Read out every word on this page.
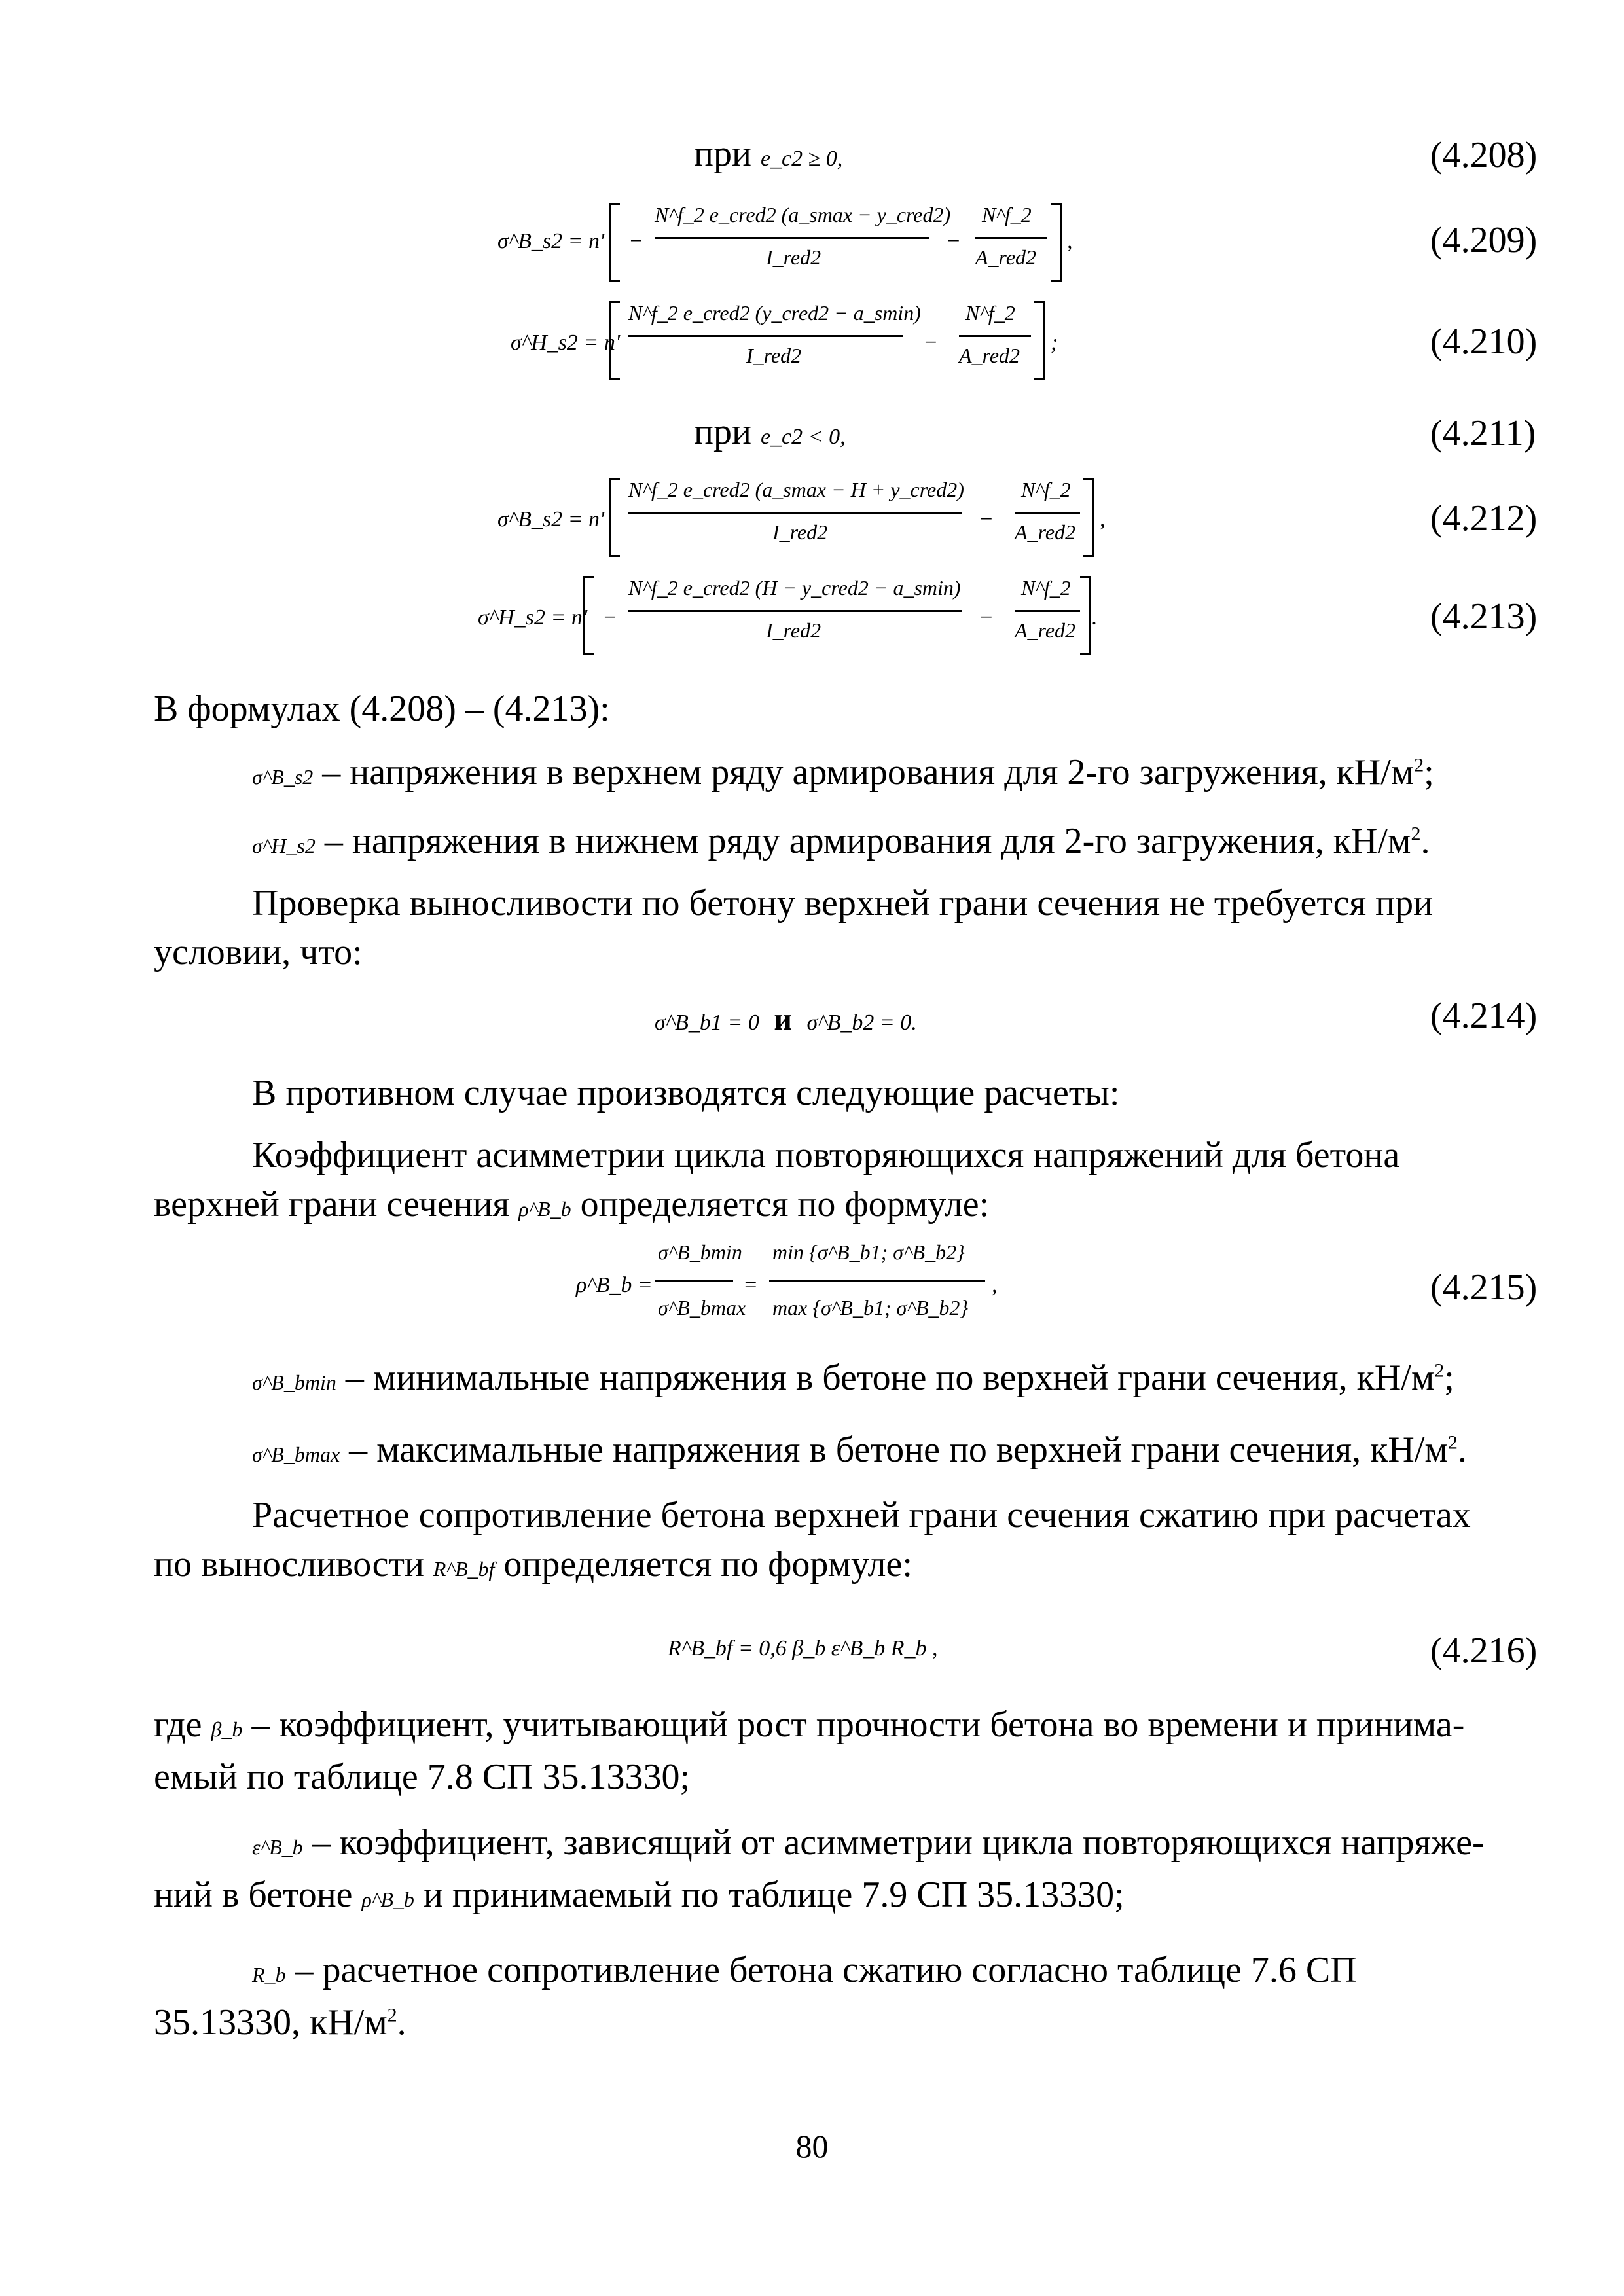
при e_c2 ≥ 0,	(4.208)
σ^B_s2 = n' −
N^f_2 e_cred2 (a_smax − y_cred2)
I_red2
−
N^f_2
A_red2
,	(4.209)
σ^H_s2 = n'
N^f_2 e_cred2 (y_cred2 − a_smin)
I_red2
−
N^f_2
A_red2
;	(4.210)
при e_c2 < 0,	(4.211)
σ^B_s2 = n'
N^f_2 e_cred2 (a_smax − H + y_cred2)
I_red2
−
N^f_2
A_red2
,	(4.212)
σ^H_s2 = n' −
N^f_2 e_cred2 (H − y_cred2 − a_smin)
I_red2
−
N^f_2
A_red2
.	(4.213)
В формулах (4.208) – (4.213):
σ^B_s2 – напряжения в верхнем ряду армирования для 2-го загружения, $кН/м^2$;
σ^H_s2 – напряжения в нижнем ряду армирования для 2-го загружения, $кН/м^2$.
Проверка выносливости по бетону верхней грани сечения не требуется при
условии, что:
σ^B_b1 = 0 и σ^B_b2 = 0.	(4.214)
В противном случае производятся следующие расчеты:
Коэффициент асимметрии цикла повторяющихся напряжений для бетона
верхней грани сечения ρ^B_b определяется по формуле:
ρ^B_b =
σ^B_bmin
σ^B_bmax
=
min {σ^B_b1; σ^B_b2}
max {σ^B_b1; σ^B_b2}
,	(4.215)
σ^B_bmin – минимальные напряжения в бетоне по верхней грани сечения, $кН/м^2$;
σ^B_bmax – максимальные напряжения в бетоне по верхней грани сечения, $кН/м^2$.
Расчетное сопротивление бетона верхней грани сечения сжатию при расчетах
по выносливости R^B_bf определяется по формуле:
R^B_bf = 0,6 β_b ε^B_b R_b ,	(4.216)
где β_b – коэффициент, учитывающий рост прочности бетона во времени и принима-
емый по таблице 7.8 СП 35.13330;
ε^B_b – коэффициент, зависящий от асимметрии цикла повторяющихся напряже-
ний в бетоне ρ^B_b и принимаемый по таблице 7.9 СП 35.13330;
R_b – расчетное сопротивление бетона сжатию согласно таблице 7.6 СП
35.13330, $кН/м^2$.
80
